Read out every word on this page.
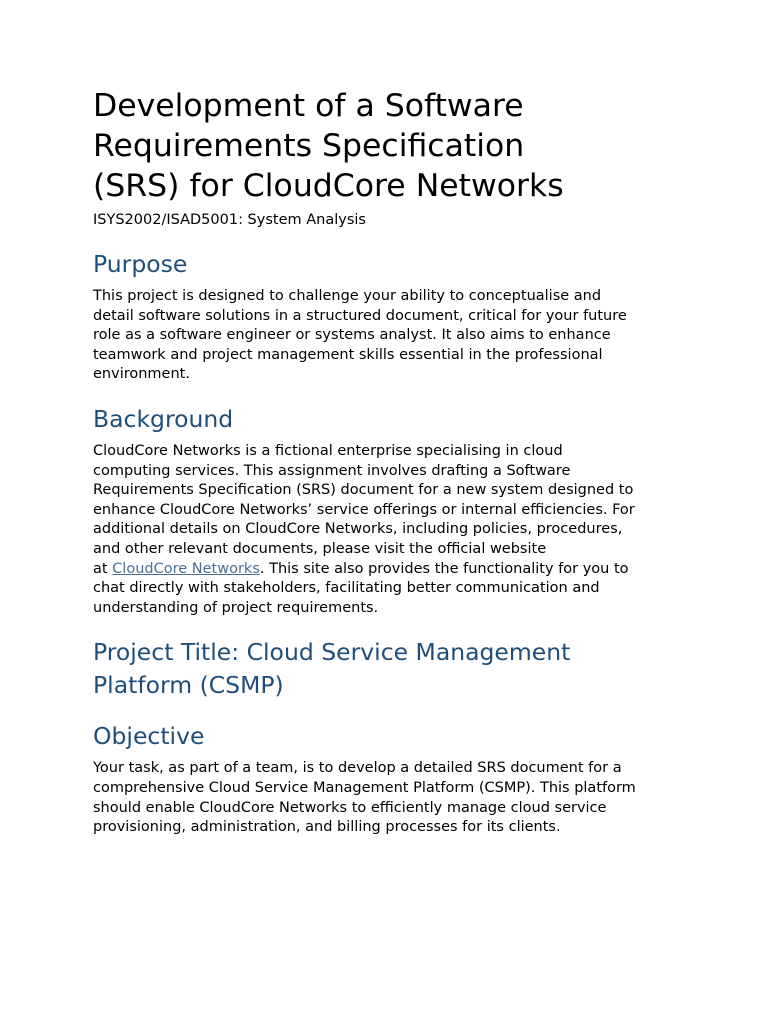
Development of a Software
Requirements Specification
(SRS) for CloudCore Networks
ISYS2002/ISAD5001: System Analysis
Purpose

This project is designed to challenge your ability to conceptualise and
detail software solutions in a structured document, critical for your future
role as a software engineer or systems analyst. It also aims to enhance
teamwork and project management skills essential in the professional
environment.

Background

CloudCore Networks is a fictional enterprise specialising in cloud
computing services. This assignment involves drafting a Software
Requirements Specification (SRS) document for a new system designed to
enhance CloudCore Networks’ service offerings or internal efficiencies. For
additional details on CloudCore Networks, including policies, procedures,
and other relevant documents, please visit the official website
at CloudCore Networks. This site also provides the functionality for you to
chat directly with stakeholders, facilitating better communication and
understanding of project requirements.

Project Title: Cloud Service Management
Platform (CSMP)
Objective

Your task, as part of a team, is to develop a detailed SRS document for a
comprehensive Cloud Service Management Platform (CSMP). This platform
should enable CloudCore Networks to efficiently manage cloud service
provisioning, administration, and billing processes for its clients.
